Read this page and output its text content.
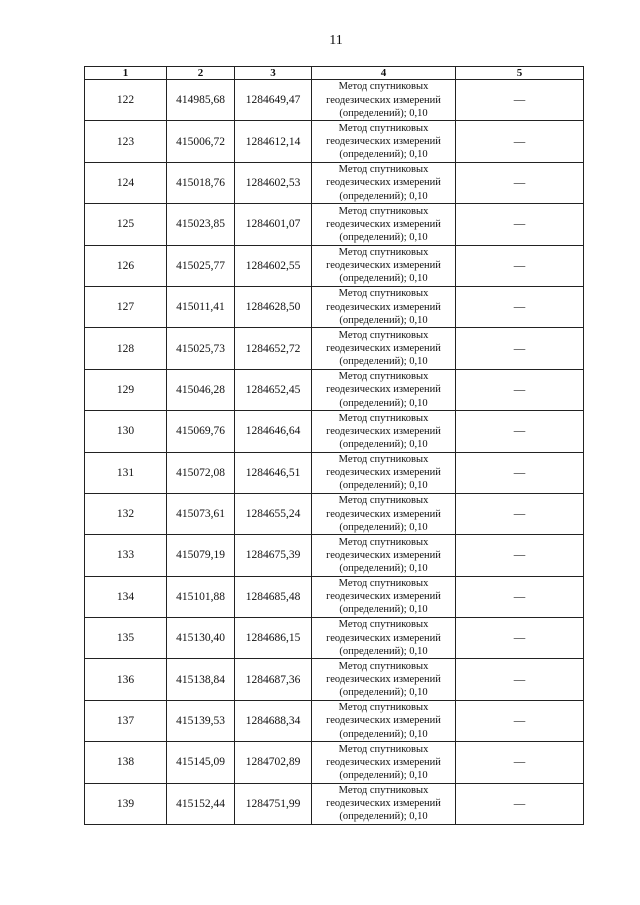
11
1	2	3	4	5
122	414985,68	1284649,47	Метод спутниковых
геодезических измерений
(определений); 0,10	—
123	415006,72	1284612,14	Метод спутниковых
геодезических измерений
(определений); 0,10	—
124	415018,76	1284602,53	Метод спутниковых
геодезических измерений
(определений); 0,10	—
125	415023,85	1284601,07	Метод спутниковых
геодезических измерений
(определений); 0,10	—
126	415025,77	1284602,55	Метод спутниковых
геодезических измерений
(определений); 0,10	—
127	415011,41	1284628,50	Метод спутниковых
геодезических измерений
(определений); 0,10	—
128	415025,73	1284652,72	Метод спутниковых
геодезических измерений
(определений); 0,10	—
129	415046,28	1284652,45	Метод спутниковых
геодезических измерений
(определений); 0,10	—
130	415069,76	1284646,64	Метод спутниковых
геодезических измерений
(определений); 0,10	—
131	415072,08	1284646,51	Метод спутниковых
геодезических измерений
(определений); 0,10	—
132	415073,61	1284655,24	Метод спутниковых
геодезических измерений
(определений); 0,10	—
133	415079,19	1284675,39	Метод спутниковых
геодезических измерений
(определений); 0,10	—
134	415101,88	1284685,48	Метод спутниковых
геодезических измерений
(определений); 0,10	—
135	415130,40	1284686,15	Метод спутниковых
геодезических измерений
(определений); 0,10	—
136	415138,84	1284687,36	Метод спутниковых
геодезических измерений
(определений); 0,10	—
137	415139,53	1284688,34	Метод спутниковых
геодезических измерений
(определений); 0,10	—
138	415145,09	1284702,89	Метод спутниковых
геодезических измерений
(определений); 0,10	—
139	415152,44	1284751,99	Метод спутниковых
геодезических измерений
(определений); 0,10	—
